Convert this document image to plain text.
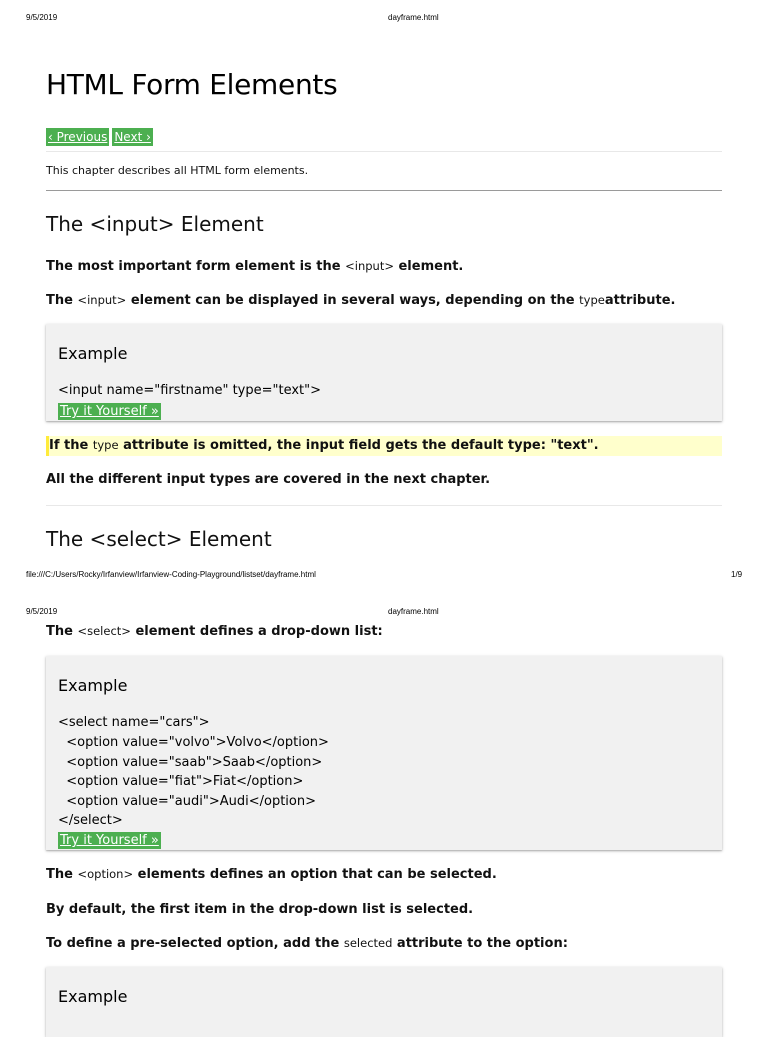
9/5/2019	dayframe.html
HTML Form Elements
‹ Previous Next ›
This chapter describes all HTML form elements.
The <input> Element
The most important form element is the <input> element.
The <input> element can be displayed in several ways, depending on the typeattribute.
Example
<input name="firstname" type="text">
Try it Yourself »
If the type attribute is omitted, the input field gets the default type: "text".
All the different input types are covered in the next chapter.
The <select> Element
file:///C:/Users/Rocky/Irfanview/Irfanview-Coding-Playground/listset/dayframe.html	1/9
9/5/2019	dayframe.html
The <select> element defines a drop-down list:
Example
<select name="cars">
<option value="volvo">Volvo</option>
<option value="saab">Saab</option>
<option value="fiat">Fiat</option>
<option value="audi">Audi</option>
</select>
Try it Yourself »
The <option> elements defines an option that can be selected.
By default, the first item in the drop-down list is selected.
To define a pre-selected option, add the selected attribute to the option:
Example
